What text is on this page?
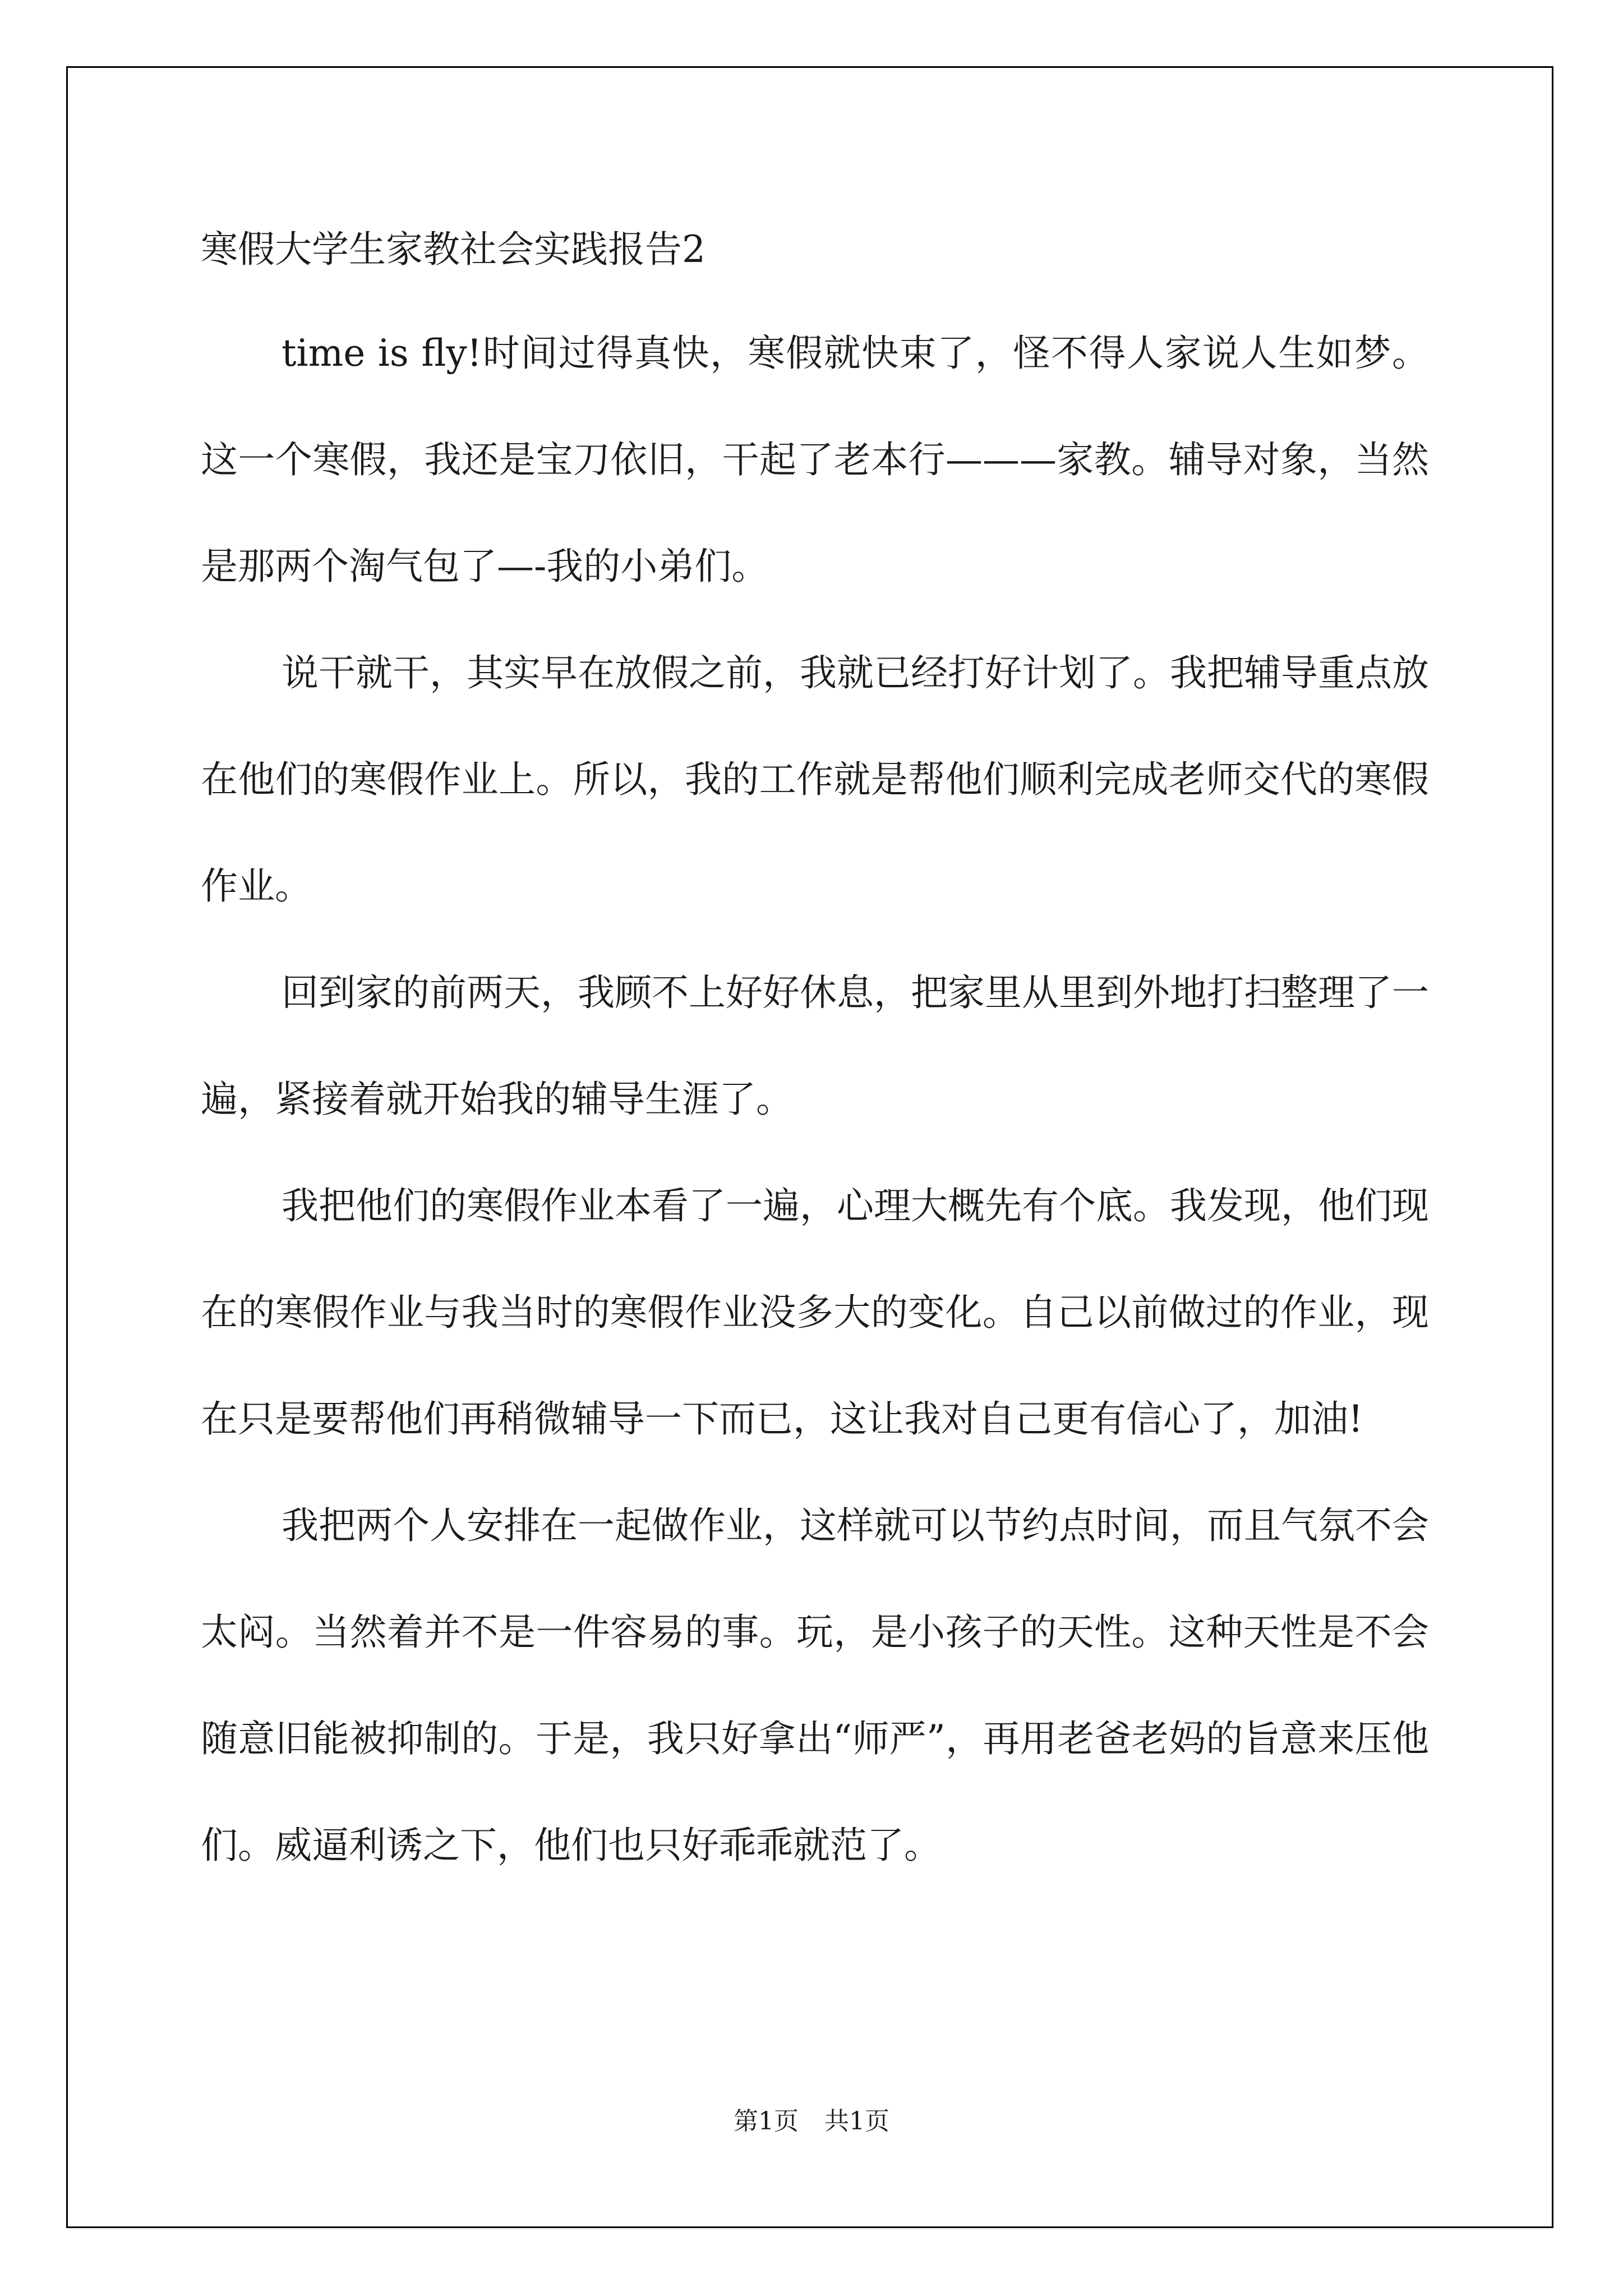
寒假大学生家教社会实践报告2

time is fly!时间过得真快，寒假就快束了，怪不得人家说人生如梦。这一个寒假，我还是宝刀依旧，干起了老本行———家教。辅导对象，当然是那两个淘气包了—-我的小弟们。

说干就干，其实早在放假之前，我就已经打好计划了。我把辅导重点放在他们的寒假作业上。所以，我的工作就是帮他们顺利完成老师交代的寒假作业。

回到家的前两天，我顾不上好好休息，把家里从里到外地打扫整理了一遍，紧接着就开始我的辅导生涯了。

我把他们的寒假作业本看了一遍，心理大概先有个底。我发现，他们现在的寒假作业与我当时的寒假作业没多大的变化。自己以前做过的作业，现在只是要帮他们再稍微辅导一下而已，这让我对自己更有信心了，加油!

我把两个人安排在一起做作业，这样就可以节约点时间，而且气氛不会太闷。当然着并不是一件容易的事。玩，是小孩子的天性。这种天性是不会随意旧能被抑制的。于是，我只好拿出“师严”，再用老爸老妈的旨意来压他们。威逼利诱之下，他们也只好乖乖就范了。

第1页 共1页
